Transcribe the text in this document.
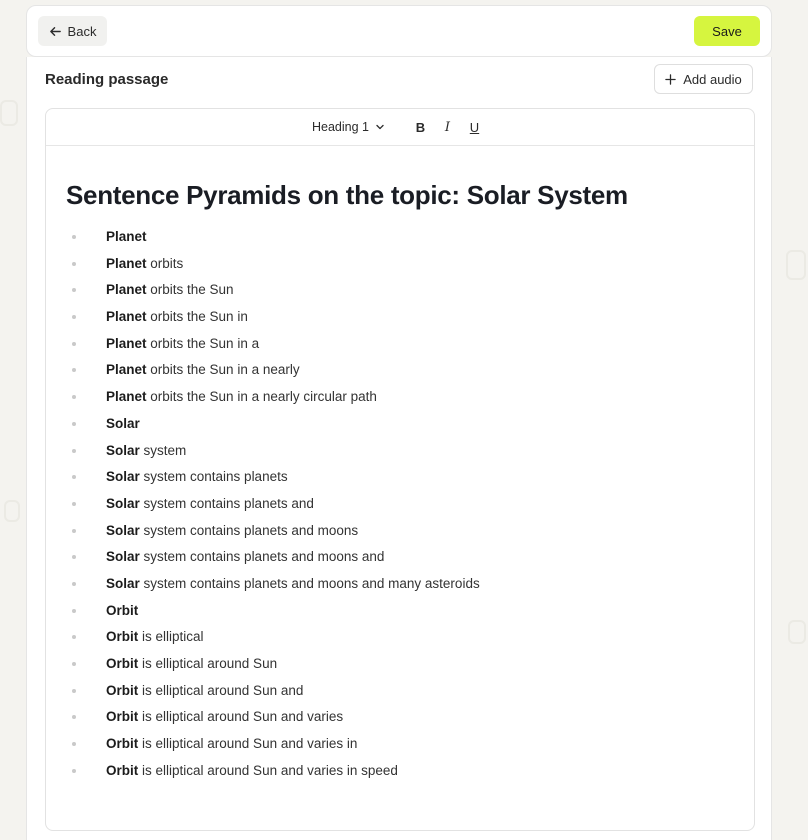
Back	Save
Reading passage	Add audio
Heading 1	B	I	U
Sentence Pyramids on the topic: Solar System
Planet
Planet orbits
Planet orbits the Sun
Planet orbits the Sun in
Planet orbits the Sun in a
Planet orbits the Sun in a nearly
Planet orbits the Sun in a nearly circular path
Solar
Solar system
Solar system contains planets
Solar system contains planets and
Solar system contains planets and moons
Solar system contains planets and moons and
Solar system contains planets and moons and many asteroids
Orbit
Orbit is elliptical
Orbit is elliptical around Sun
Orbit is elliptical around Sun and
Orbit is elliptical around Sun and varies
Orbit is elliptical around Sun and varies in
Orbit is elliptical around Sun and varies in speed
